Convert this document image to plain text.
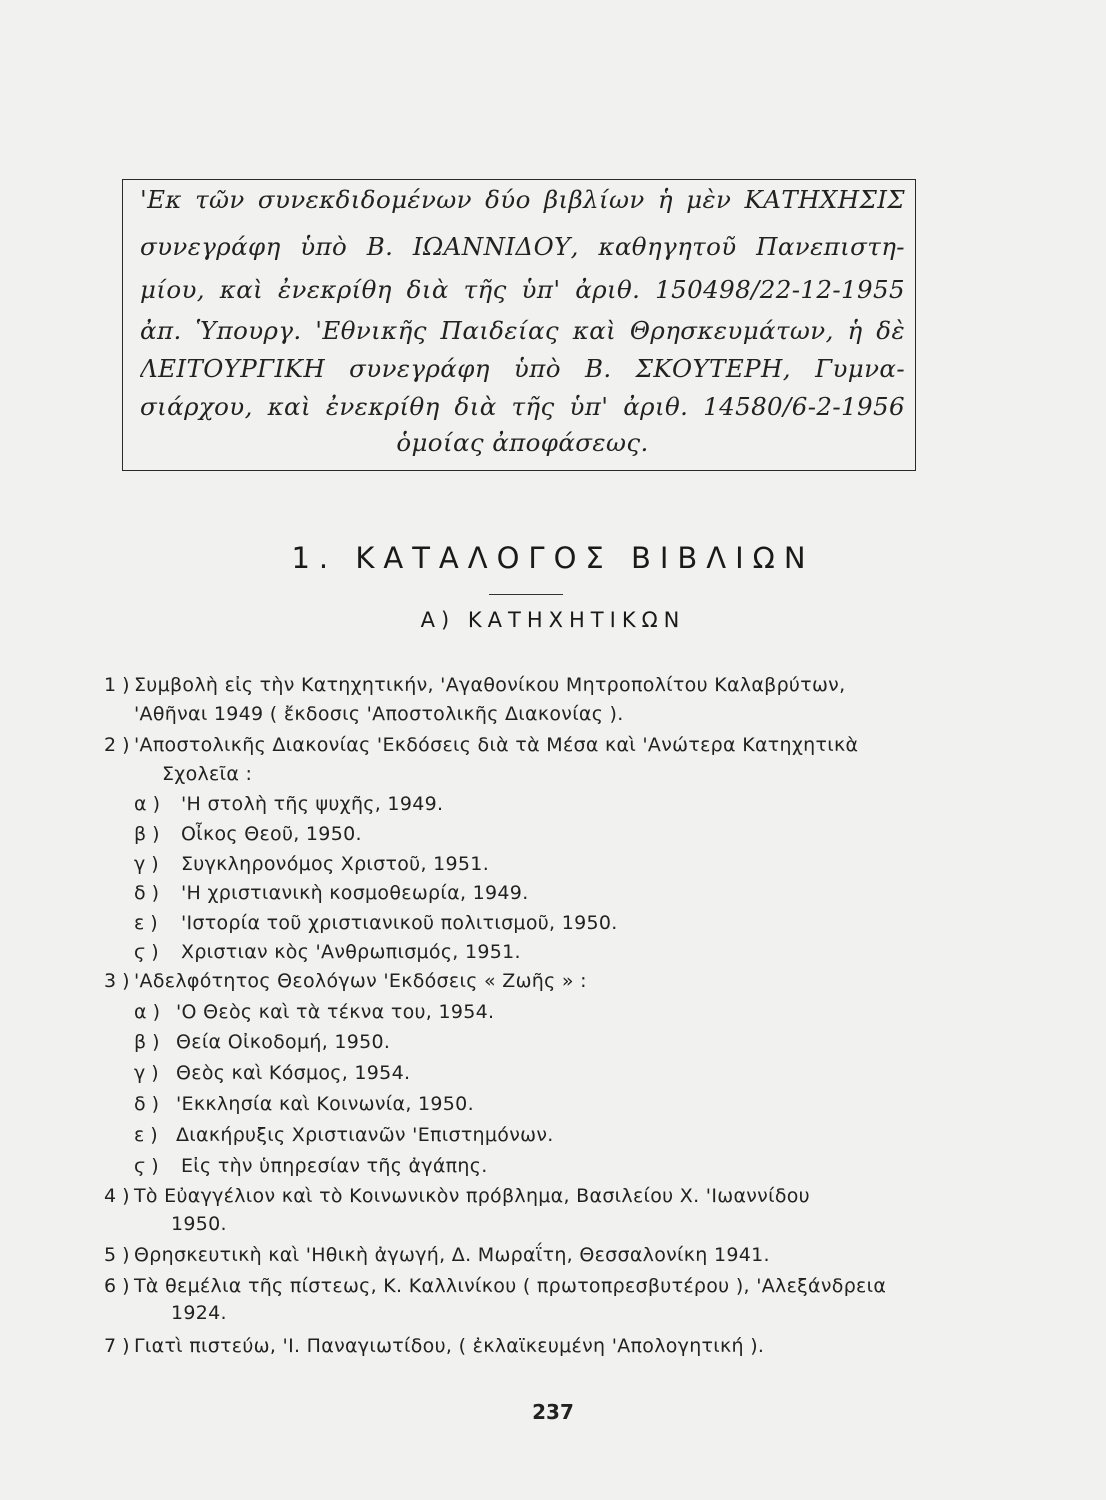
'Εκ τῶν συνεκδιδομένων δύο βιβλίων ἡ μὲν ΚΑΤΗΧΗΣΙΣ
συνεγράφη ὑπὸ Β. ΙΩΑΝΝΙΔΟΥ, καθηγητοῦ Πανεπιστη-
μίου, καὶ ἐνεκρίθη διὰ τῆς ὑπ' ἀριθ. 150498/22-12-1955
ἀπ. Ὑπουργ. 'Εθνικῆς Παιδείας καὶ Θρησκευμάτων, ἡ δὲ
ΛΕΙΤΟΥΡΓΙΚΗ συνεγράφη ὑπὸ Β. ΣΚΟΥΤΕΡΗ, Γυμνα-
σιάρχου, καὶ ἐνεκρίθη διὰ τῆς ὑπ' ἀριθ. 14580/6-2-1956
ὁμοίας ἀποφάσεως.
1. ΚΑΤΑΛΟΓΟΣ ΒΙΒΛΙΩΝ
Α) ΚΑΤΗΧΗΤΙΚΩΝ
1 ) Συμβολὴ εἰς τὴν Κατηχητικήν, 'Αγαθονίκου Μητροπολίτου Καλαβρύτων,
'Αθῆναι 1949 ( ἔκδοσις 'Αποστολικῆς Διακονίας ).
2 ) 'Αποστολικῆς Διακονίας 'Εκδόσεις διὰ τὰ Μέσα καὶ 'Ανώτερα Κατηχητικὰ
Σχολεῖα :
α ) 'Η στολὴ τῆς ψυχῆς, 1949.
β ) Οἶκος Θεοῦ, 1950.
γ ) Συγκληρονόμος Χριστοῦ, 1951.
δ ) 'Η χριστιανικὴ κοσμοθεωρία, 1949.
ε ) 'Ιστορία τοῦ χριστιανικοῦ πολιτισμοῦ, 1950.
ϛ ) Χριστιαν κὸς 'Ανθρωπισμός, 1951.
3 ) 'Αδελφότητος Θεολόγων 'Εκδόσεις « Ζωῆς » :
α ) 'Ο Θεὸς καὶ τὰ τέκνα του, 1954.
β ) Θεία Οἰκοδομή, 1950.
γ ) Θεὸς καὶ Κόσμος, 1954.
δ ) 'Εκκλησία καὶ Κοινωνία, 1950.
ε ) Διακήρυξις Χριστιανῶν 'Επιστημόνων.
ϛ ) Εἰς τὴν ὑπηρεσίαν τῆς ἀγάπης.
4 ) Τὸ Εὐαγγέλιον καὶ τὸ Κοινωνικὸν πρόβλημα, Βασιλείου Χ. 'Ιωαννίδου
1950.
5 ) Θρησκευτικὴ καὶ 'Ηθικὴ ἀγωγή, Δ. Μωραΐτη, Θεσσαλονίκη 1941.
6 ) Τὰ θεμέλια τῆς πίστεως, Κ. Καλλινίκου ( πρωτοπρεσβυτέρου ), 'Αλεξάνδρεια
1924.
7 ) Γιατὶ πιστεύω, 'Ι. Παναγιωτίδου, ( ἐκλαϊκευμένη 'Απολογητική ).
237
